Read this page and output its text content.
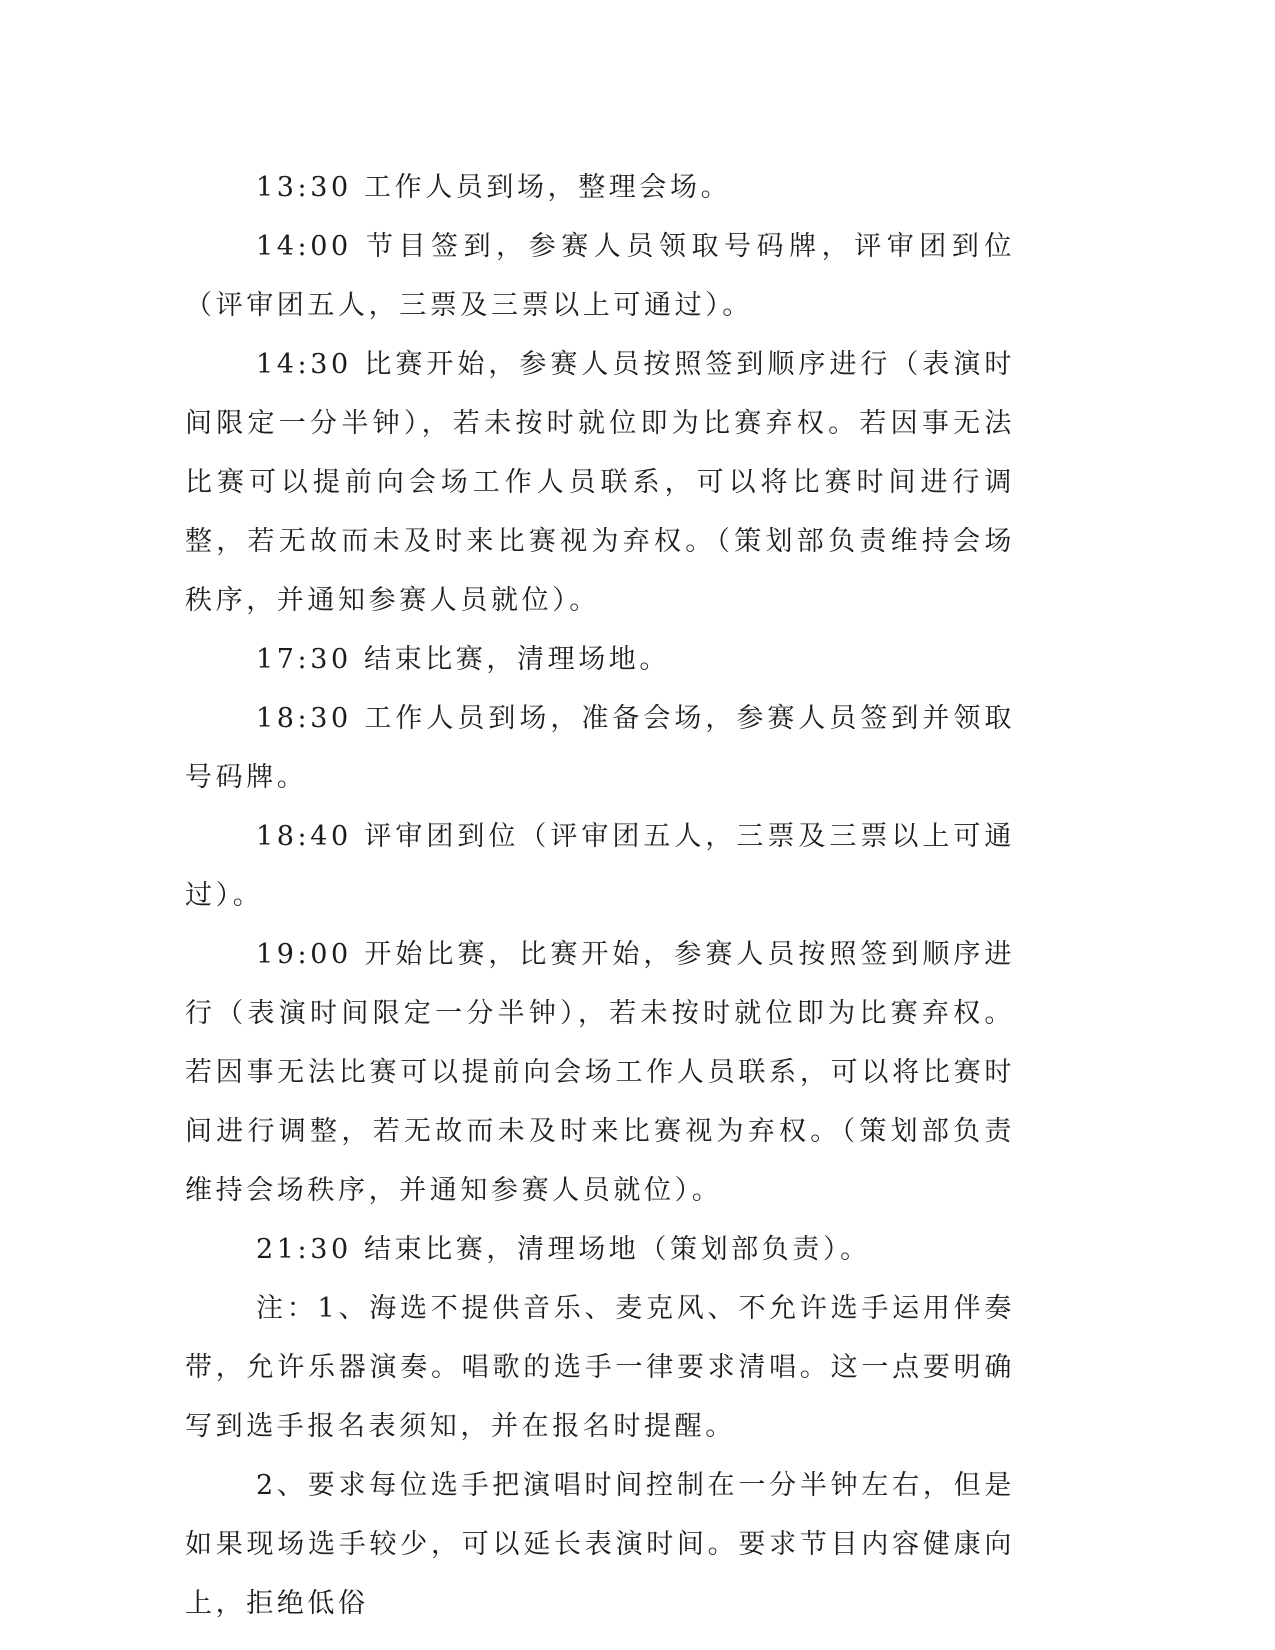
13:30 工作人员到场，整理会场。

14:00 节目签到，参赛人员领取号码牌，评审团到位（评审团五人，三票及三票以上可通过）。

14:30 比赛开始，参赛人员按照签到顺序进行（表演时间限定一分半钟），若未按时就位即为比赛弃权。若因事无法比赛可以提前向会场工作人员联系，可以将比赛时间进行调整，若无故而未及时来比赛视为弃权。（策划部负责维持会场秩序，并通知参赛人员就位）。

17:30 结束比赛，清理场地。

18:30 工作人员到场，准备会场，参赛人员签到并领取号码牌。

18:40 评审团到位（评审团五人，三票及三票以上可通过）。

19:00 开始比赛，比赛开始，参赛人员按照签到顺序进行（表演时间限定一分半钟），若未按时就位即为比赛弃权。若因事无法比赛可以提前向会场工作人员联系，可以将比赛时间进行调整，若无故而未及时来比赛视为弃权。（策划部负责维持会场秩序，并通知参赛人员就位）。

21:30 结束比赛，清理场地（策划部负责）。

注：1、海选不提供音乐、麦克风、不允许选手运用伴奏带，允许乐器演奏。唱歌的选手一律要求清唱。这一点要明确写到选手报名表须知，并在报名时提醒。

2、要求每位选手把演唱时间控制在一分半钟左右，但是如果现场选手较少，可以延长表演时间。要求节目内容健康向上，拒绝低俗
